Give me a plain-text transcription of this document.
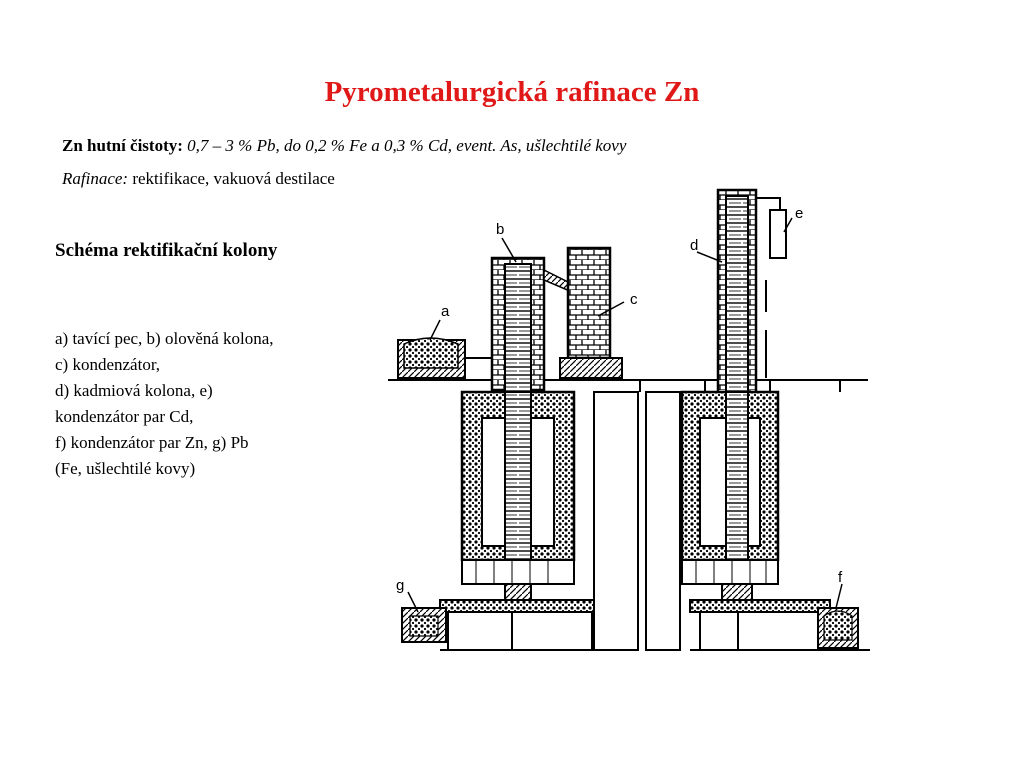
Pyrometalurgická rafinace Zn
Zn hutní čistoty: 0,7 – 3 % Pb, do 0,2 % Fe a 0,3 % Cd, event. As, ušlechtilé kovy
Rafinace: rektifikace, vakuová destilace
Schéma rektifikační kolony
a) tavící pec, b) olověná kolona,
c) kondenzátor,
d) kadmiová kolona, e)
kondenzátor par Cd,
f) kondenzátor par Zn, g) Pb
(Fe, ušlechtilé kovy)
b
c
d
e
a
g	f
